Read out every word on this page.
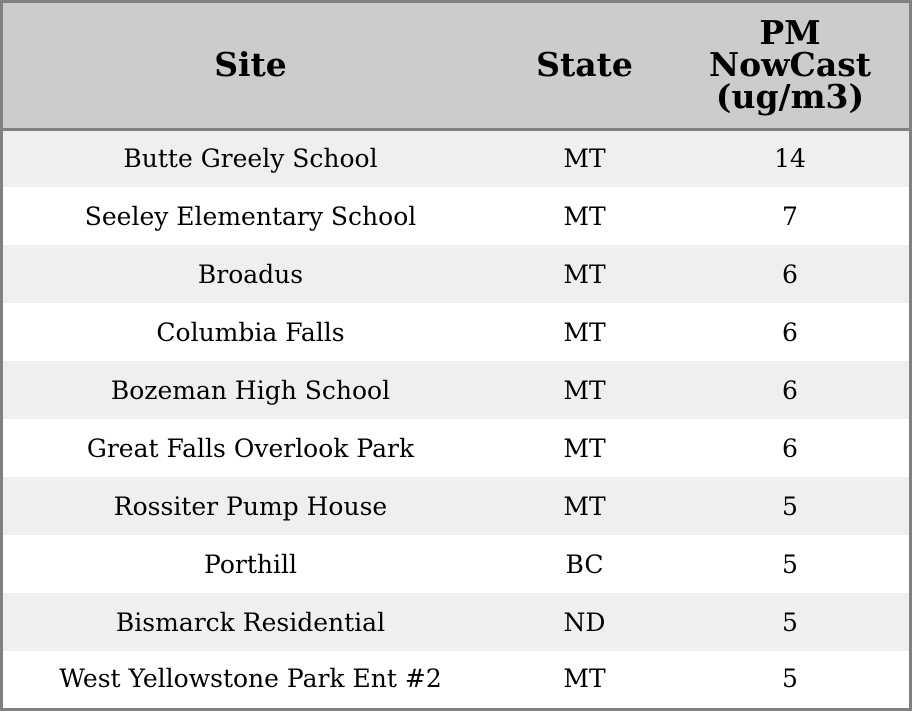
Site	State	PM
NowCast
(ug/m3)

Butte Greely School	MT	14
Seeley Elementary School	MT	7
Broadus	MT	6
Columbia Falls	MT	6
Bozeman High School	MT	6
Great Falls Overlook Park	MT	6
Rossiter Pump House	MT	5
Porthill	BC	5
Bismarck Residential	ND	5
West Yellowstone Park Ent #2	MT	5
